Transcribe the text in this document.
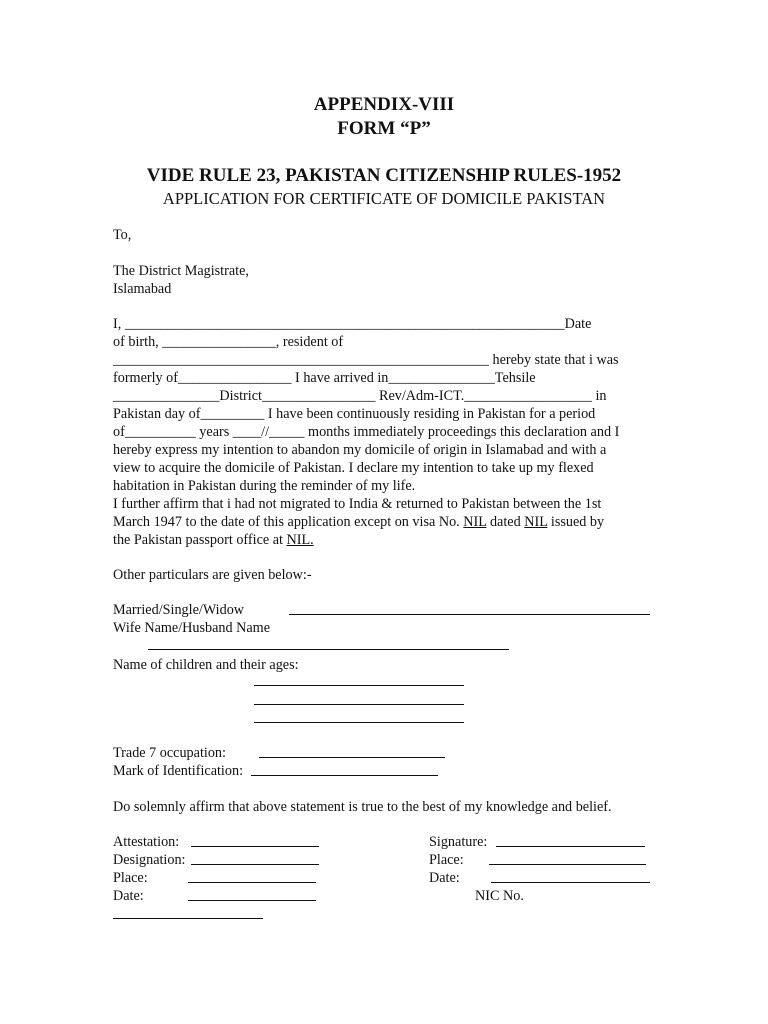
APPENDIX-VIII
FORM “P”
VIDE RULE 23, PAKISTAN CITIZENSHIP RULES-1952
APPLICATION FOR CERTIFICATE OF DOMICILE PAKISTAN
To,
The District Magistrate,
Islamabad
I, ______________________________________________________________Date
of birth, ________________, resident of
_____________________________________________________ hereby state that i was
formerly of________________ I have arrived in_______________Tehsile
_______________District________________ Rev/Adm-ICT.__________________ in
Pakistan day of_________ I have been continuously residing in Pakistan for a period
of__________ years ____//_____ months immediately proceedings this declaration and I
hereby express my intention to abandon my domicile of origin in Islamabad and with a
view to acquire the domicile of Pakistan. I declare my intention to take up my flexed
habitation in Pakistan during the reminder of my life.
I further affirm that i had not migrated to India & returned to Pakistan between the 1st
March 1947 to the date of this application except on visa No. NIL dated NIL issued by
the Pakistan passport office at NIL.
Other particulars are given below:-
Married/Single/Widow
Wife Name/Husband Name
Name of children and their ages:
Trade 7 occupation:
Mark of Identification:
Do solemnly affirm that above statement is true to the best of my knowledge and belief.
Attestation:
Designation:
Place:
Date:
Signature:
Place:
Date:
NIC No.
